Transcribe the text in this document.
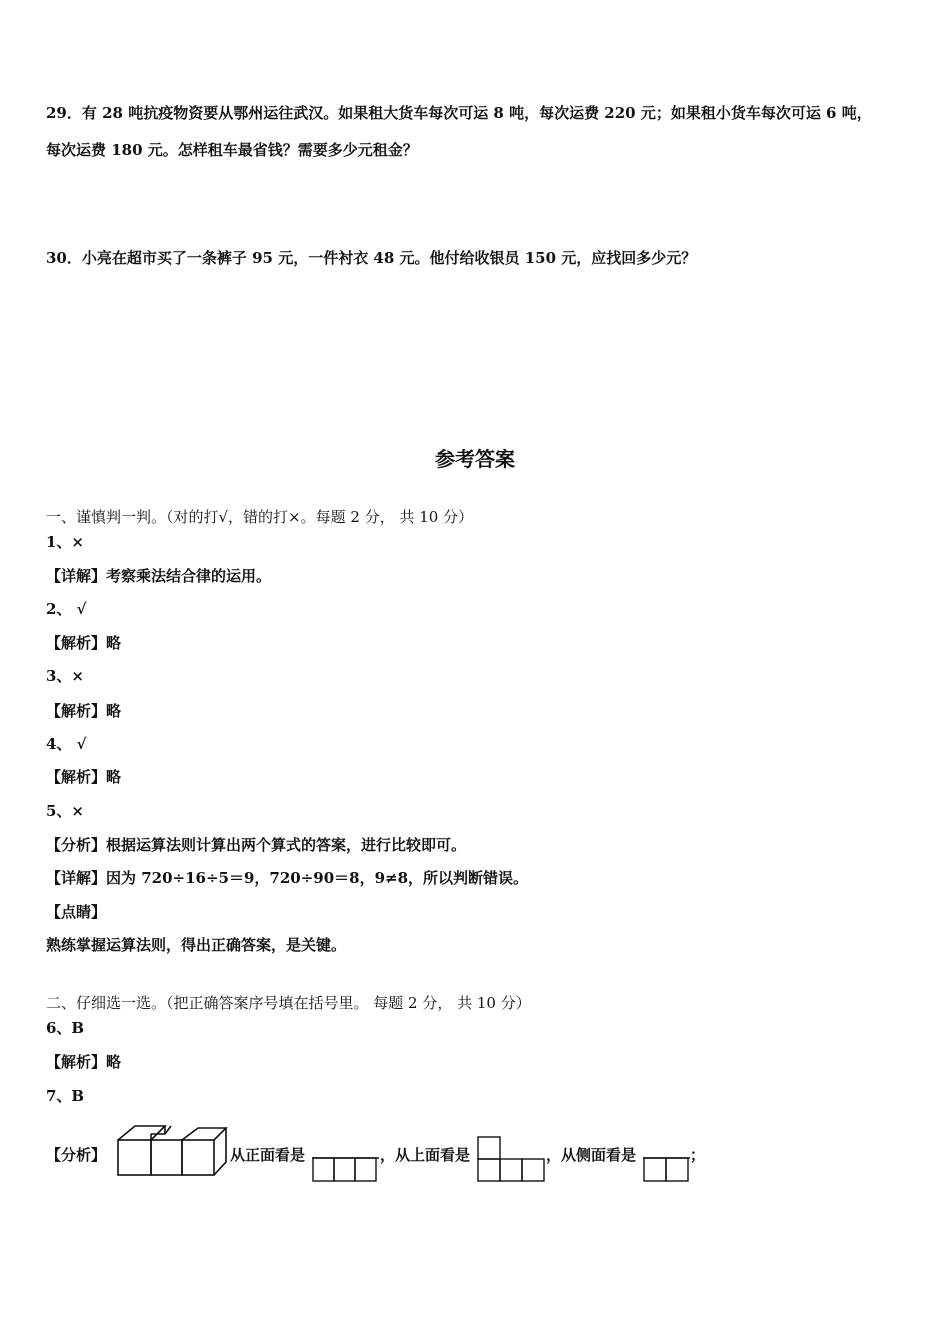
29．有 28 吨抗疫物资要从鄂州运往武汉。如果租大货车每次可运 8 吨，每次运费 220 元；如果租小货车每次可运 6 吨，
每次运费 180 元。怎样租车最省钱？需要多少元租金？
30．小亮在超市买了一条裤子 95 元，一件衬衣 48 元。他付给收银员 150 元，应找回多少元？
参考答案
一、谨慎判一判。（对的打√，错的打×。每题 2 分， 共 10 分）
1、×
【详解】考察乘法结合律的运用。
2、 √
【解析】略
3、×
【解析】略
4、 √
【解析】略
5、×
【分析】根据运算法则计算出两个算式的答案，进行比较即可。
【详解】因为 720÷16÷5＝9，720÷90＝8，9≠8，所以判断错误。
【点睛】
熟练掌握运算法则，得出正确答案，是关键。
二、仔细选一选。（把正确答案序号填在括号里。 每题 2 分， 共 10 分）
6、B
【解析】略
7、B
【分析】	从正面看是	，从上面看是	，从侧面看是	；
